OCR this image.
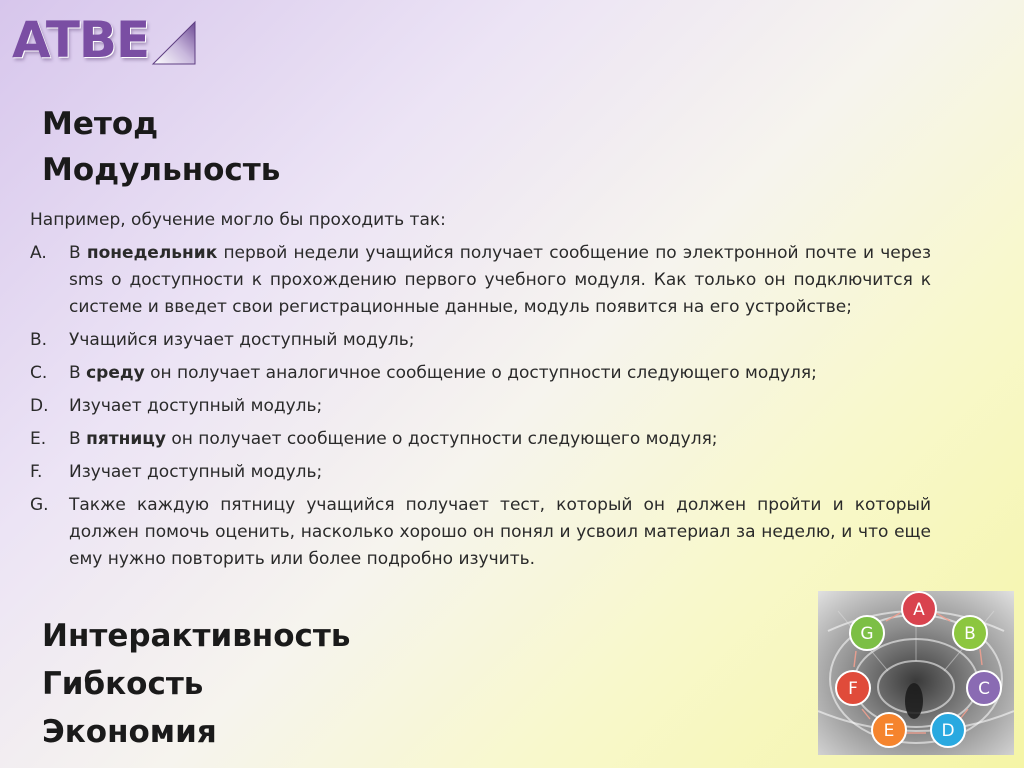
ATBE
Метод
Модульность

Например, обучение могло бы проходить так:

A. В понедельник первой недели учащийся получает сообщение по электронной почте и через sms о доступности к прохождению первого учебного модуля. Как только он подключится к системе и введет свои регистрационные данные, модуль появится на его устройстве;
B. Учащийся изучает доступный модуль;
C. В среду он получает аналогичное сообщение о доступности следующего модуля;
D. Изучает доступный модуль;
E. В пятницу он получает сообщение о доступности следующего модуля;
F. Изучает доступный модуль;
G. Также каждую пятницу учащийся получает тест, который он должен пройти и который должен помочь оценить, насколько хорошо он понял и усвоил материал за неделю, и что еще ему нужно повторить или более подробно изучить.
Интерактивность
Гибкость
Экономия
A
B
C
D
E
F
G
